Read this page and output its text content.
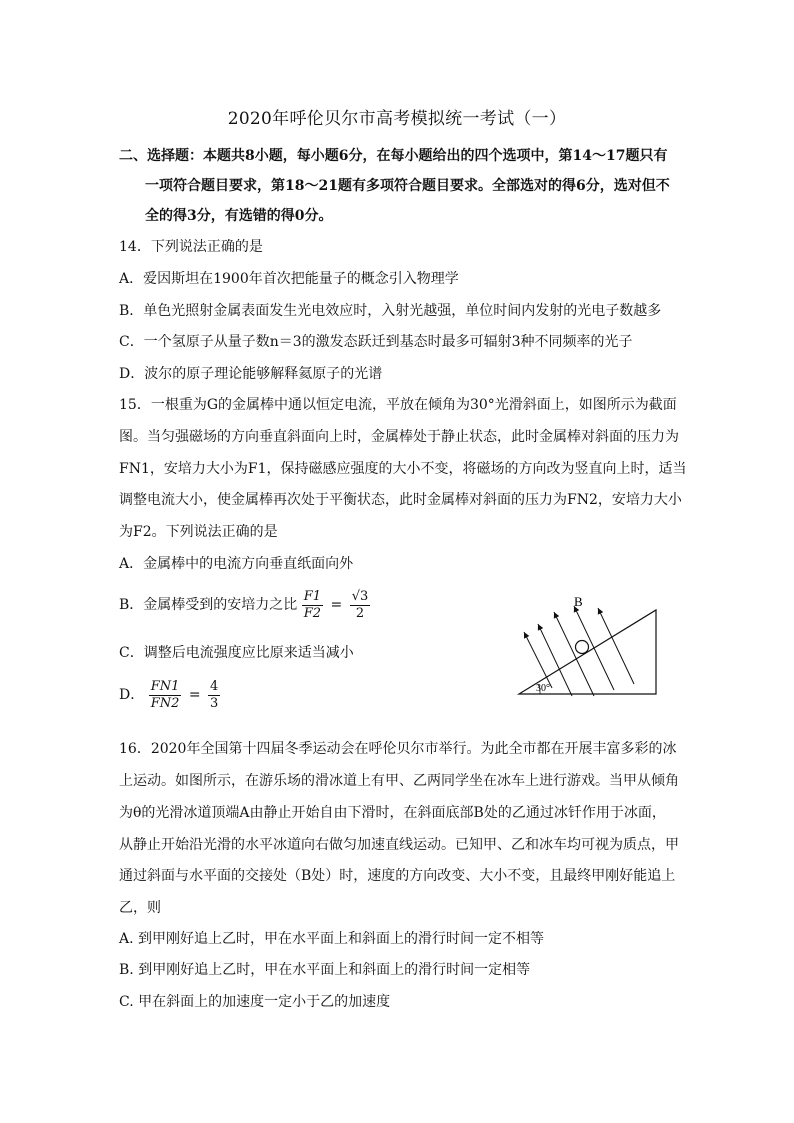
2020年呼伦贝尔市高考模拟统一考试（一）
二、选择题：本题共8小题，每小题6分，在每小题给出的四个选项中，第14～17题只有
一项符合题目要求，第18～21题有多项符合题目要求。全部选对的得6分，选对但不
全的得3分，有选错的得0分。
14．下列说法正确的是
A．爱因斯坦在1900年首次把能量子的概念引入物理学
B．单色光照射金属表面发生光电效应时，入射光越强，单位时间内发射的光电子数越多
C．一个氢原子从量子数n＝3的激发态跃迁到基态时最多可辐射3种不同频率的光子
D．波尔的原子理论能够解释氦原子的光谱
15．一根重为G的金属棒中通以恒定电流，平放在倾角为30°光滑斜面上，如图所示为截面
图。当匀强磁场的方向垂直斜面向上时，金属棒处于静止状态，此时金属棒对斜面的压力为
FN1，安培力大小为F1，保持磁感应强度的大小不变，将磁场的方向改为竖直向上时，适当
调整电流大小，使金属棒再次处于平衡状态，此时金属棒对斜面的压力为FN2，安培力大小
为F2。下列说法正确的是
A．金属棒中的电流方向垂直纸面向外
B．金属棒受到的安培力之比 $\frac{F1}{F2} = \frac{√3}{2}$
C．调整后电流强度应比原来适当减小
D． $\frac{FN1}{FN2} = \frac{4}{3}$
B
30°
16．2020年全国第十四届冬季运动会在呼伦贝尔市举行。为此全市都在开展丰富多彩的冰
上运动。如图所示，在游乐场的滑冰道上有甲、乙两同学坐在冰车上进行游戏。当甲从倾角
为θ的光滑冰道顶端A由静止开始自由下滑时，在斜面底部B处的乙通过冰钎作用于冰面，
从静止开始沿光滑的水平冰道向右做匀加速直线运动。已知甲、乙和冰车均可视为质点，甲
通过斜面与水平面的交接处（B处）时，速度的方向改变、大小不变，且最终甲刚好能追上
乙，则
A. 到甲刚好追上乙时，甲在水平面上和斜面上的滑行时间一定不相等
B. 到甲刚好追上乙时，甲在水平面上和斜面上的滑行时间一定相等
C. 甲在斜面上的加速度一定小于乙的加速度
